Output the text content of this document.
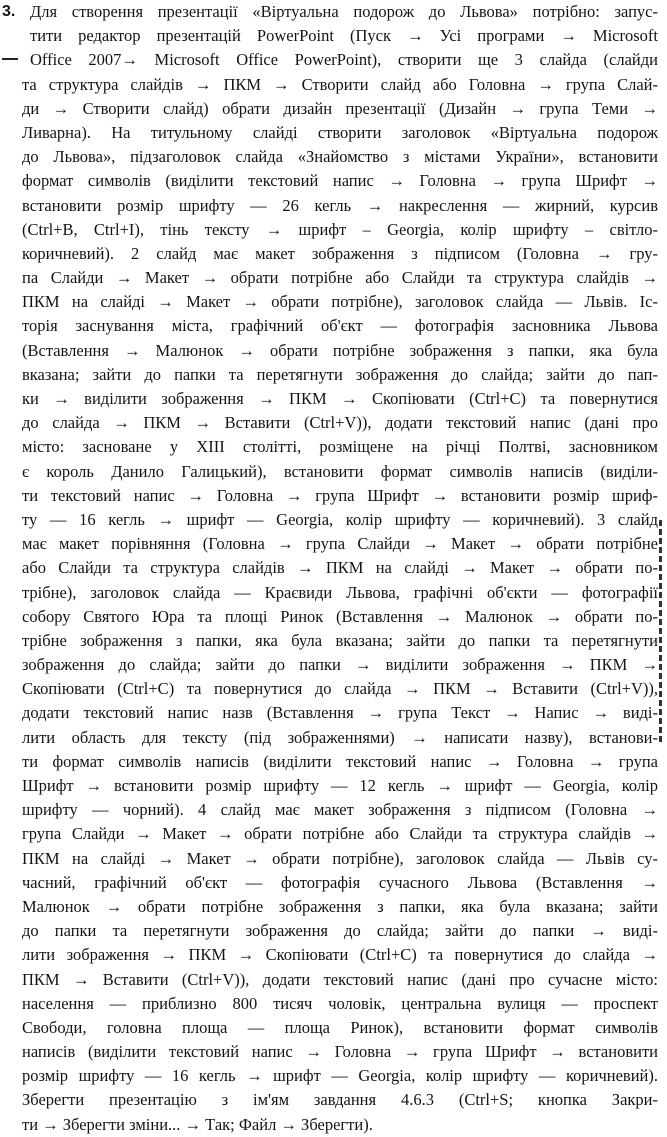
3. Для створення презентації «Віртуальна подорож до Львова» потрібно: запус-
тити редактор презентацій PowerPoint (Пуск → Усі програми → Microsoft
Office 2007→ Microsoft Office PowerPoint), створити ще 3 слайда (слайди
та структура слайдів → ПКМ → Створити слайд або Головна → група Слай-
ди → Створити слайд) обрати дизайн презентації (Дизайн → група Теми →
Ливарна). На титульному слайді створити заголовок «Віртуальна подорож
до Львова», підзаголовок слайда «Знайомство з містами України», встановити
формат символів (виділити текстовий напис → Головна → група Шрифт →
встановити розмір шрифту — 26 кегль → накреслення — жирний, курсив
(Ctrl+B, Ctrl+I), тінь тексту → шрифт – Georgia, колір шрифту – світло-
коричневий). 2 слайд має макет зображення з підписом (Головна → гру-
па Слайди → Макет → обрати потрібне або Слайди та структура слайдів →
ПКМ на слайді → Макет → обрати потрібне), заголовок слайда — Львів. Іс-
торія заснування міста, графічний об'єкт — фотографія засновника Львова
(Вставлення → Малюнок → обрати потрібне зображення з папки, яка була
вказана; зайти до папки та перетягнути зображення до слайда; зайти до пап-
ки → виділити зображення → ПКМ → Скопіювати (Ctrl+C) та повернутися
до слайда → ПКМ → Вставити (Ctrl+V)), додати текстовий напис (дані про
місто: засноване у XIII столітті, розміщене на річці Полтві, засновником
є король Данило Галицький), встановити формат символів написів (виділи-
ти текстовий напис → Головна → група Шрифт → встановити розмір шриф-
ту — 16 кегль → шрифт — Georgia, колір шрифту — коричневий). 3 слайд
має макет порівняння (Головна → група Слайди → Макет → обрати потрібне
або Слайди та структура слайдів → ПКМ на слайді → Макет → обрати по-
трібне), заголовок слайда — Краєвиди Львова, графічні об'єкти — фотографії
собору Святого Юра та площі Ринок (Вставлення → Малюнок → обрати по-
трібне зображення з папки, яка була вказана; зайти до папки та перетягнути
зображення до слайда; зайти до папки → виділити зображення → ПКМ →
Скопіювати (Ctrl+C) та повернутися до слайда → ПКМ → Вставити (Ctrl+V)),
додати текстовий напис назв (Вставлення → група Текст → Напис → виді-
лити область для тексту (під зображеннями) → написати назву), встанови-
ти формат символів написів (виділити текстовий напис → Головна → група
Шрифт → встановити розмір шрифту — 12 кегль → шрифт — Georgia, колір
шрифту — чорний). 4 слайд має макет зображення з підписом (Головна →
група Слайди → Макет → обрати потрібне або Слайди та структура слайдів →
ПКМ на слайді → Макет → обрати потрібне), заголовок слайда — Львів су-
часний, графічний об'єкт — фотографія сучасного Львова (Вставлення →
Малюнок → обрати потрібне зображення з папки, яка була вказана; зайти
до папки та перетягнути зображення до слайда; зайти до папки → виді-
лити зображення → ПКМ → Скопіювати (Ctrl+C) та повернутися до слайда →
ПКМ → Вставити (Ctrl+V)), додати текстовий напис (дані про сучасне місто:
населення — приблизно 800 тисяч чоловік, центральна вулиця — проспект
Свободи, головна площа — площа Ринок), встановити формат символів
написів (виділити текстовий напис → Головна → група Шрифт → встановити
розмір шрифту — 16 кегль → шрифт — Georgia, колір шрифту — коричневий).
Зберегти презентацію з ім'ям завдання 4.6.3 (Ctrl+S; кнопка Закри-
ти → Зберегти зміни... → Так; Файл → Зберегти).
